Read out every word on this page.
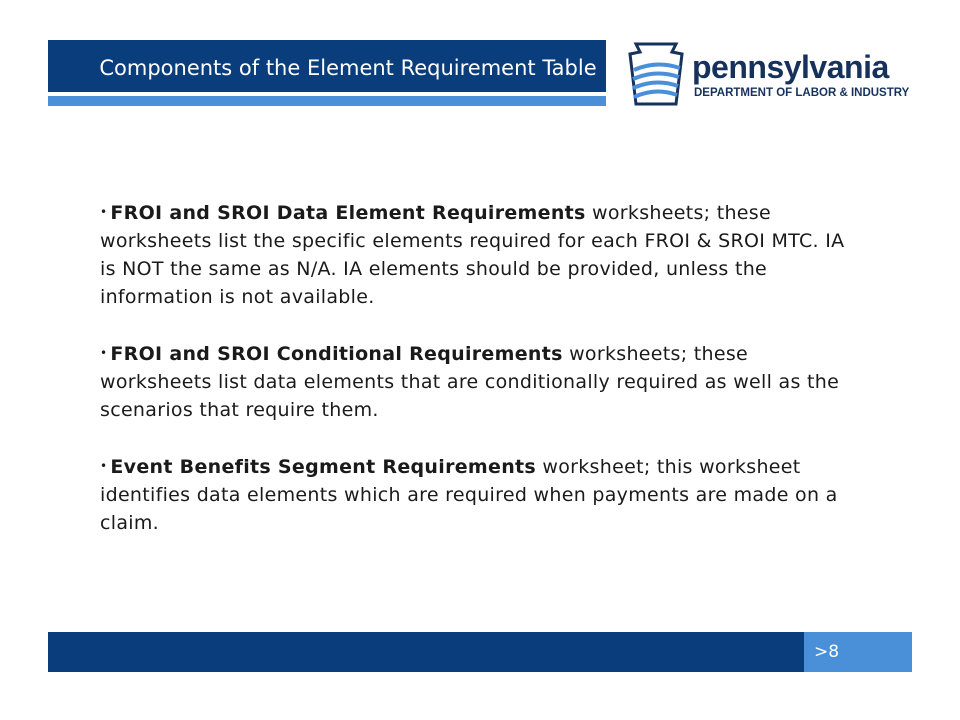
Components of the Element Requirement Table	pennsylvania
DEPARTMENT OF LABOR & INDUSTRY

• FROI and SROI Data Element Requirements worksheets; these worksheets list the specific elements required for each FROI & SROI MTC. IA is NOT the same as N/A. IA elements should be provided, unless the information is not available.

• FROI and SROI Conditional Requirements worksheets; these worksheets list data elements that are conditionally required as well as the scenarios that require them.

• Event Benefits Segment Requirements worksheet; this worksheet identifies data elements which are required when payments are made on a claim.

>8
